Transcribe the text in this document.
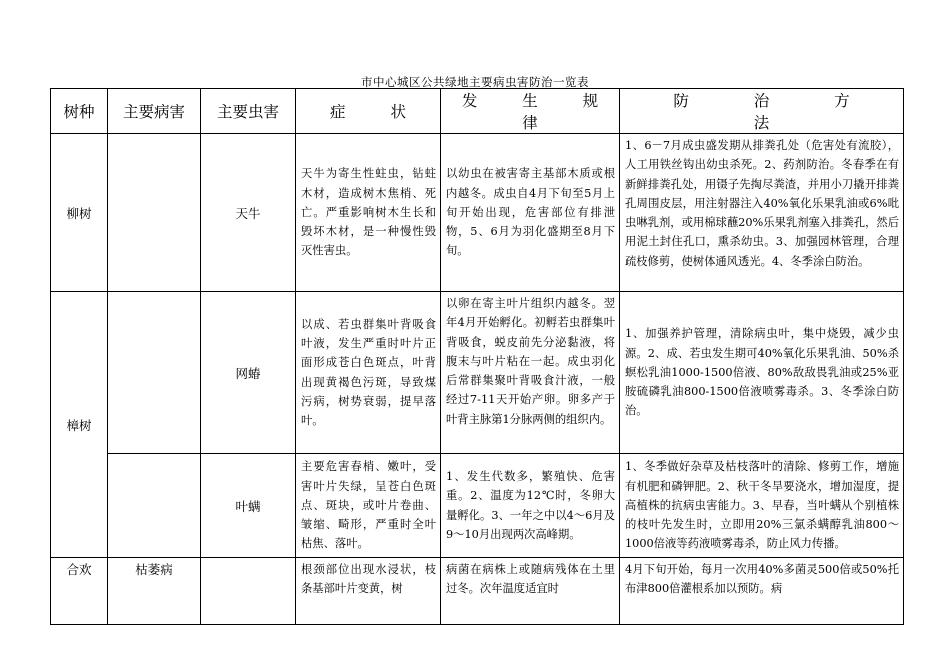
市中心城区公共绿地主要病虫害防治一览表
树种	主要病害	主要虫害	症 状	发 生 规 律	防 治 方 法
柳树		天牛	天牛为寄生性蛀虫，钻蛀木材，造成树木焦梢、死亡。严重影响树木生长和毁坏木材，是一种慢性毁灭性害虫。	以幼虫在被害寄主基部木质或根内越冬。成虫自4月下旬至5月上旬开始出现，危害部位有排泄物，5、6月为羽化盛期至8月下旬。	1、6－7月成虫盛发期从排粪孔处（危害处有流胶），人工用铁丝钩出幼虫杀死。2、药剂防治。冬春季在有新鲜排粪孔处，用镊子先掏尽粪渣，并用小刀撬开排粪孔周围皮层，用注射器注入40%氧化乐果乳油或6%吡虫啉乳剂，或用棉球蘸20%乐果乳剂塞入排粪孔，然后用泥土封住孔口，熏杀幼虫。3、加强园林管理，合理疏枝修剪，使树体通风透光。4、冬季涂白防治。
樟树		网蝽	以成、若虫群集叶背吸食叶液，发生严重时叶片正面形成苍白色斑点，叶背出现黄褐色污斑，导致煤污病，树势衰弱，提早落叶。	以卵在寄主叶片组织内越冬。翌年4月开始孵化。初孵若虫群集叶背吸食，蜕皮前先分泌黏液，将腹末与叶片粘在一起。成虫羽化后常群集聚叶背吸食汁液，一般经过7-11天开始产卵。卵多产于叶背主脉第1分脉两侧的组织内。	1、加强养护管理，清除病虫叶，集中烧毁，减少虫源。2、成、若虫发生期可40%氧化乐果乳油、50%杀螟松乳油1000-1500倍液、80%敌敌畏乳油或25%亚胺硫磷乳油800-1500倍液喷雾毒杀。3、冬季涂白防治。
		叶螨	主要危害春梢、嫩叶，受害叶片失绿，呈苍白色斑点、斑块，或叶片卷曲、皱缩、畸形，严重时全叶枯焦、落叶。	1、发生代数多，繁殖快、危害重。2、温度为12℃时，冬卵大量孵化。3、一年之中以4～6月及9～10月出现两次高峰期。	1、冬季做好杂草及枯枝落叶的清除、修剪工作，增施有机肥和磷钾肥。2、秋干冬旱要浇水，增加湿度，提高植株的抗病虫害能力。3、早春，当叶螨从个别植株的枝叶先发生时，立即用20%三氯杀螨醇乳油800～1000倍液等药液喷雾毒杀，防止风力传播。

合欢	枯萎病		根颈部位出现水浸状，枝条基部叶片变黄，树	病菌在病株上或随病残体在土里过冬。次年温度适宜时	4月下旬开始，每月一次用40%多菌灵500倍或50%托布津800倍灌根系加以预防。病
